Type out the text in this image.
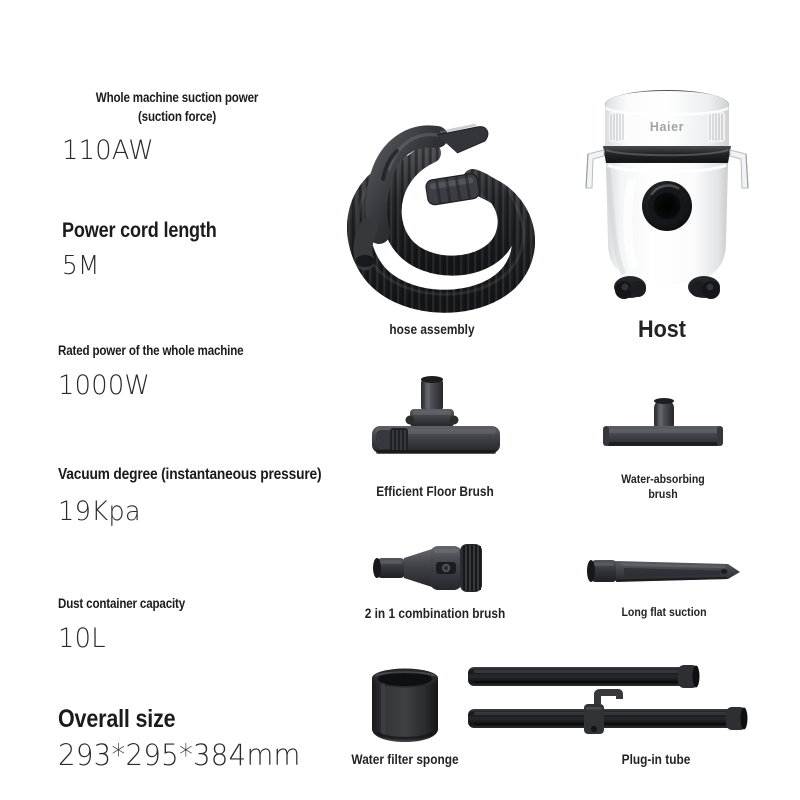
Whole machine suction power (suction force)
110AW
Power cord length
5M
Rated power of the whole machine
1000W
Vacuum degree (instantaneous pressure)
19Kpa
Dust container capacity
10L
Overall size
293*295*384mm
hose assembly
Haier
Host
Efficient Floor Brush
Water-absorbing brush
2 in 1 combination brush	Long flat suction
Water filter sponge	Plug-in tube
